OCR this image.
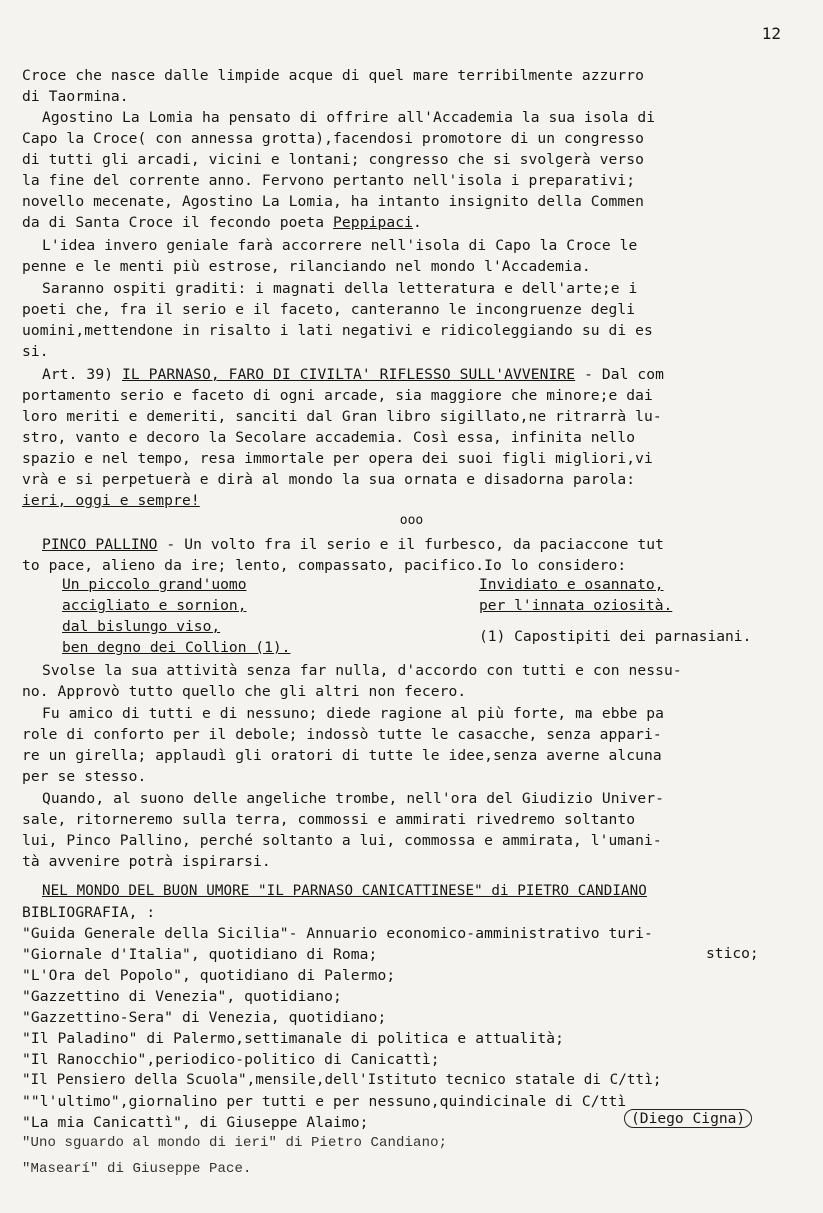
12
Croce che nasce dalle limpide acque di quel mare terribilmente azzurro
di Taormina.
Agostino La Lomia ha pensato di offrire all'Accademia la sua isola di
Capo la Croce( con annessa grotta),facendosi promotore di un congresso
di tutti gli arcadi, vicini e lontani; congresso che si svolgerà verso
la fine del corrente anno. Fervono pertanto nell'isola i preparativi;
novello mecenate, Agostino La Lomia, ha intanto insignito della Commen
da di Santa Croce il fecondo poeta Peppipaci.
L'idea invero geniale farà accorrere nell'isola di Capo la Croce le
penne e le menti più estrose, rilanciando nel mondo l'Accademia.
Saranno ospiti graditi: i magnati della letteratura e dell'arte;e i
poeti che, fra il serio e il faceto, canteranno le incongruenze degli
uomini,mettendone in risalto i lati negativi e ridicoleggiando su di es
si.
Art. 39) IL PARNASO, FARO DI CIVILTA' RIFLESSO SULL'AVVENIRE - Dal com
portamento serio e faceto di ogni arcade, sia maggiore che minore;e dai
loro meriti e demeriti, sanciti dal Gran libro sigillato,ne ritrarrà lu-
stro, vanto e decoro la Secolare accademia. Così essa, infinita nello
spazio e nel tempo, resa immortale per opera dei suoi figli migliori,vi
vrà e si perpetuerà e dirà al mondo la sua ornata e disadorna parola:
ieri, oggi e sempre!
ooo
PINCO PALLINO - Un volto fra il serio e il furbesco, da paciaccone tut
to pace, alieno da ire; lento, compassato, pacifico.Io lo considero:
Un piccolo grand'uomo
accigliato e sornion,
dal bislungo viso,
ben degno dei Collion (1).
Invidiato e osannato,
per l'innata oziosità.
(1) Capostipiti dei parnasiani.
Svolse la sua attività senza far nulla, d'accordo con tutti e con nessu-
no. Approvò tutto quello che gli altri non fecero.
Fu amico di tutti e di nessuno; diede ragione al più forte, ma ebbe pa
role di conforto per il debole; indossò tutte le casacche, senza appari-
re un girella; applaudì gli oratori di tutte le idee,senza averne alcuna
per se stesso.
Quando, al suono delle angeliche trombe, nell'ora del Giudizio Univer-
sale, ritorneremo sulla terra, commossi e ammirati rivedremo soltanto
lui, Pinco Pallino, perché soltanto a lui, commossa e ammirata, l'umani-
tà avvenire potrà ispirarsi.
NEL MONDO DEL BUON UMORE "IL PARNASO CANICATTINESE" di PIETRO CANDIANO
BIBLIOGRAFIA, :
"Guida Generale della Sicilia"- Annuario economico-amministrativo turi-
"Giornale d'Italia", quotidiano di Roma;	stico;
"L'Ora del Popolo", quotidiano di Palermo;
"Gazzettino di Venezia", quotidiano;
"Gazzettino-Sera" di Venezia, quotidiano;
"Il Paladino" di Palermo,settimanale di politica e attualità;
"Il Ranocchio",periodico-politico di Canicattì;
"Il Pensiero della Scuola",mensile,dell'Istituto tecnico statale di C/ttì;
""l'ultimo",giornalino per tutti e per nessuno,quindicinale di C/ttì
"La mia Canicattì", di Giuseppe Alaimo;	(Diego Cigna)
"Uno sguardo al mondo di ieri" di Pietro Candiano;
"Masearí" di Giuseppe Pace.
